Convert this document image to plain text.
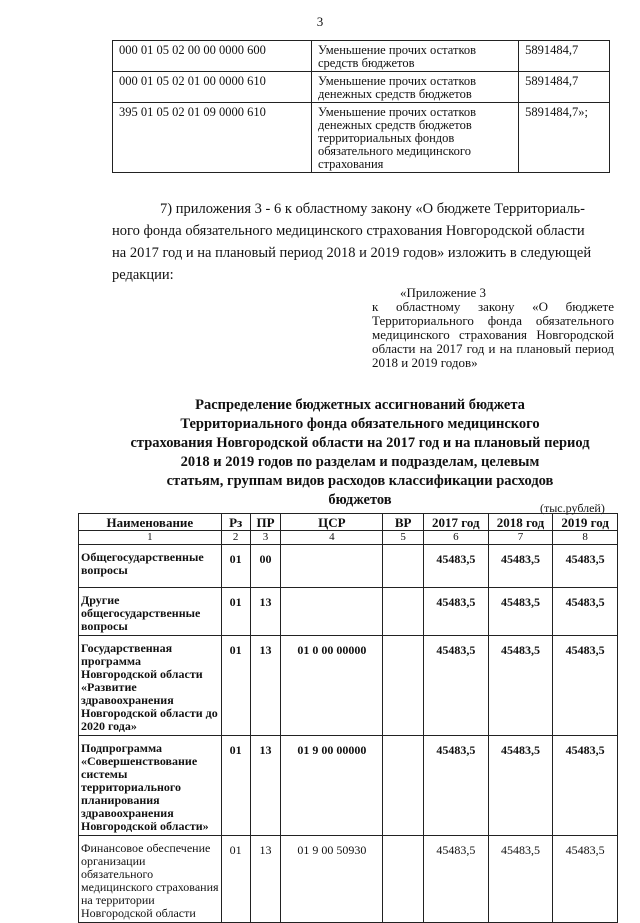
3
000 01 05 02 00 00 0000 600	Уменьшение прочих остатков средств бюджетов	5891484,7
000 01 05 02 01 00 0000 610	Уменьшение прочих остатков денежных средств бюджетов	5891484,7
395 01 05 02 01 09 0000 610	Уменьшение прочих остатков денежных средств бюджетов территориальных фондов обязательного медицинского страхования	5891484,7»;
7) приложения 3 - 6 к областному закону «О бюджете Территориаль-
ного фонда обязательного медицинского страхования Новгородской области
на 2017 год и на плановый период 2018 и 2019 годов» изложить в следующей
редакции:
«Приложение 3
к областному закону «О бюджете Территориального фонда обязательного медицинского страхования Новгородской области на 2017 год и на плановый период 2018 и 2019 годов»
Распределение бюджетных ассигнований бюджета
Территориального фонда обязательного медицинского
страхования Новгородской области на 2017 год и на плановый период
2018 и 2019 годов по разделам и подразделам, целевым
статьям, группам видов расходов классификации расходов
бюджетов	(тыс.рублей)
Наименование	Рз	ПР	ЦСР	ВР	2017 год	2018 год	2019 год
1	2	3	4	5	6	7	8
Общегосударственные вопросы	01	00			45483,5	45483,5	45483,5
Другие общегосударственные вопросы	01	13			45483,5	45483,5	45483,5
Государственная программа Новгородской области «Развитие здравоохранения Новгородской области до 2020 года»	01	13	01 0 00 00000		45483,5	45483,5	45483,5
Подпрограмма «Совершенствование системы территориального планирования здравоохранения Новгородской области»	01	13	01 9 00 00000		45483,5	45483,5	45483,5
Финансовое обеспечение организации обязательного медицинского страхования на территории Новгородской области	01	13	01 9 00 50930		45483,5	45483,5	45483,5
